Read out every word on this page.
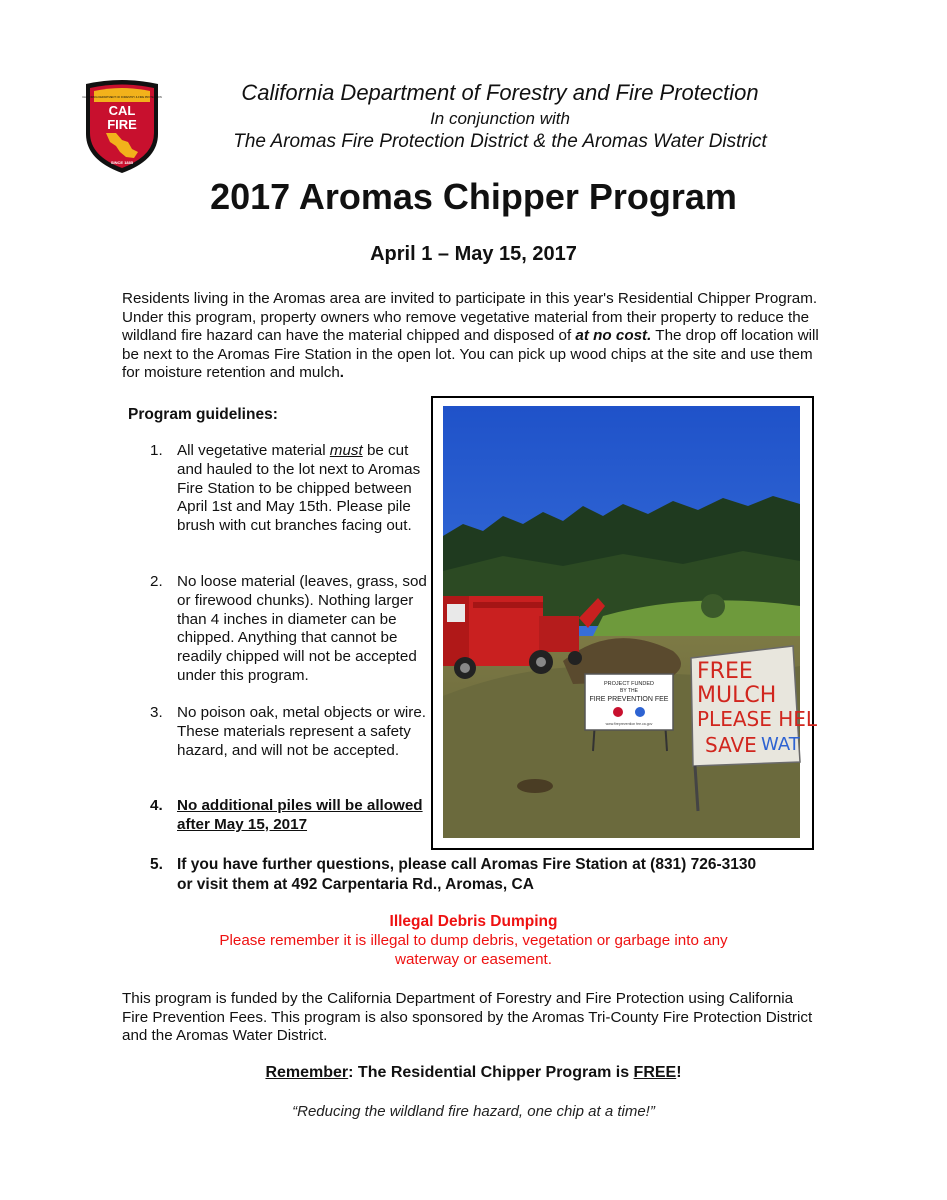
CALIFORNIA DEPARTMENT OF FORESTRY & FIRE PROTECTION
CAL
FIRE
SINCE 1885
California Department of Forestry and Fire Protection
In conjunction with
The Aromas Fire Protection District & the Aromas Water District
2017 Aromas Chipper Program
April 1 – May 15, 2017
Residents living in the Aromas area are invited to participate in this year's Residential Chipper Program. Under this program, property owners who remove vegetative material from their property to reduce the wildland fire hazard can have the material chipped and disposed of at no cost. The drop off location will be next to the Aromas Fire Station in the open lot. You can pick up wood chips at the site and use them for moisture retention and mulch.
Program guidelines:
1. All vegetative material must be cut and hauled to the lot next to Aromas Fire Station to be chipped between April 1st and May 15th. Please pile brush with cut branches facing out.
2. No loose material (leaves, grass, sod or firewood chunks). Nothing larger than 4 inches in diameter can be chipped. Anything that cannot be readily chipped will not be accepted under this program.
3. No poison oak, metal objects or wire. These materials represent a safety hazard, and will not be accepted.
4. No additional piles will be allowed after May 15, 2017
5. If you have further questions, please call Aromas Fire Station at (831) 726-3130 or visit them at 492 Carpentaria Rd., Aromas, CA
PROJECT FUNDED
BY THE
FIRE PREVENTION FEE
www.fireprevention fee.ca.gov
FREE
MULCH
PLEASE HEL
SAVE WAT
Illegal Debris Dumping
Please remember it is illegal to dump debris, vegetation or garbage into any waterway or easement.
This program is funded by the California Department of Forestry and Fire Protection using California Fire Prevention Fees. This program is also sponsored by the Aromas Tri-County Fire Protection District and the Aromas Water District.
Remember: The Residential Chipper Program is FREE!
“Reducing the wildland fire hazard, one chip at a time!”
